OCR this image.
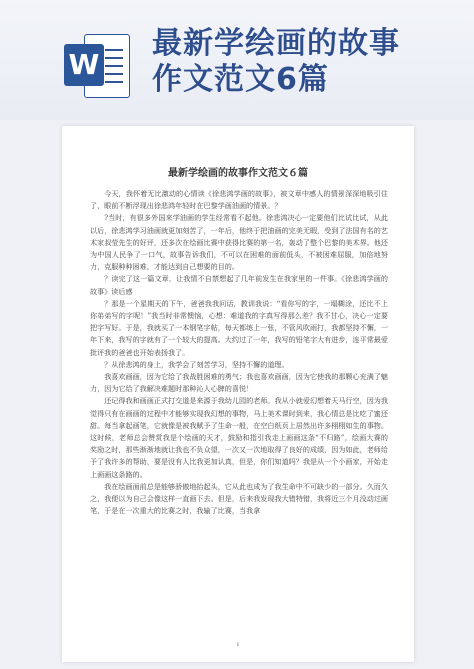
W
最新学绘画的故事
作文范文6篇
最新学绘画的故事作文范文６篇

今天，我怀着无比激动的心情读《徐悲鸿学画的故事》，被文章中感人的情景深深地吸引住了，眼前不断浮现出徐悲鸿年轻时在巴黎学画油画的情景。？

?当时，有很多外国来学油画的学生经常看不起他。徐悲鸿决心一定要他们比试比试，从此以后，徐悲鸿学习油画就更加刻苦了，一年后，他终于把油画的完美无暇，受到了法国有名的艺术家叔莹先生的好评，还多次在绘画比赛中获得比赛的第一名，轰动了整个巴黎的美术界。他还为中国人民争了一口气，故事告诉我们，不可以在困难的面前低头，不被困难屈服，加倍地努力，克服种种困难，才能达到自己想要的目的。

？读完了这一篇文章，让我情不自禁想起了几年前发生在我家里的一件事。《徐悲鸿学画的故事》读后感

？那是一个星期天的下午，爸爸我我问话，教训我说：“看你写的字，一塌糊涂，还比不上你弟弟写的字呢！”我当时非常懊恼，心想：难道我的字真写得那么差？我不甘心，决心一定要把字写好。于是，我就买了一本钢笔字帖，每天都练上一张，不管风吹雨打，我都坚持不懈，一年下来，我写的字就有了一个较大的提高。大约过了一年，我写的铅笔字大有进步，连平常最爱批评我的爸爸也开始表扬我了。

？从徐悲鸿的身上，我学会了刻苦学习，坚持不懈的道理。

我喜欢画画，因为它给了我战胜困难的勇气；我也喜欢画画，因为它使我的那颗心充满了魅力，因为它给了我解决难题时那种沁人心脾的喜悦！

还记得我和画画正式打交道是来源于我幼儿园的老师。我从小就爱幻想着天马行空，因为我觉得只有在画画的过程中才能够实现我幻想的事物，马上美术课时到来，我心情总是比吃了蜜还甜。每当拿起画笔，它就像是被我赋予了生命一般，在空白纸页上居然出许多栩栩如生的事物。这时候，老师总会赞赏我是个绘画的天才，鼓励和指引我走上画画这条“不归路”，绘画大赛的奖励之时，那些渐渐地就让我也不负众望，一次又一次地取得了良好的成绩，因为如此，老师给予了我许多的帮助，要是没有人比我更加认真，但是，你们知道吗？我是从一个小画家，开始走上画画这条路的。

我在绘画面前总是能够骄傲地抬起头，它从此也成为了我生命中不可缺少的一部分。久而久之，我便以为自己会像这样一直画下去。但是，后来我发现我大错特错，我将近三个月没动过画笔，于是在一次重大的比赛之时，我输了比赛，当我拿

1
